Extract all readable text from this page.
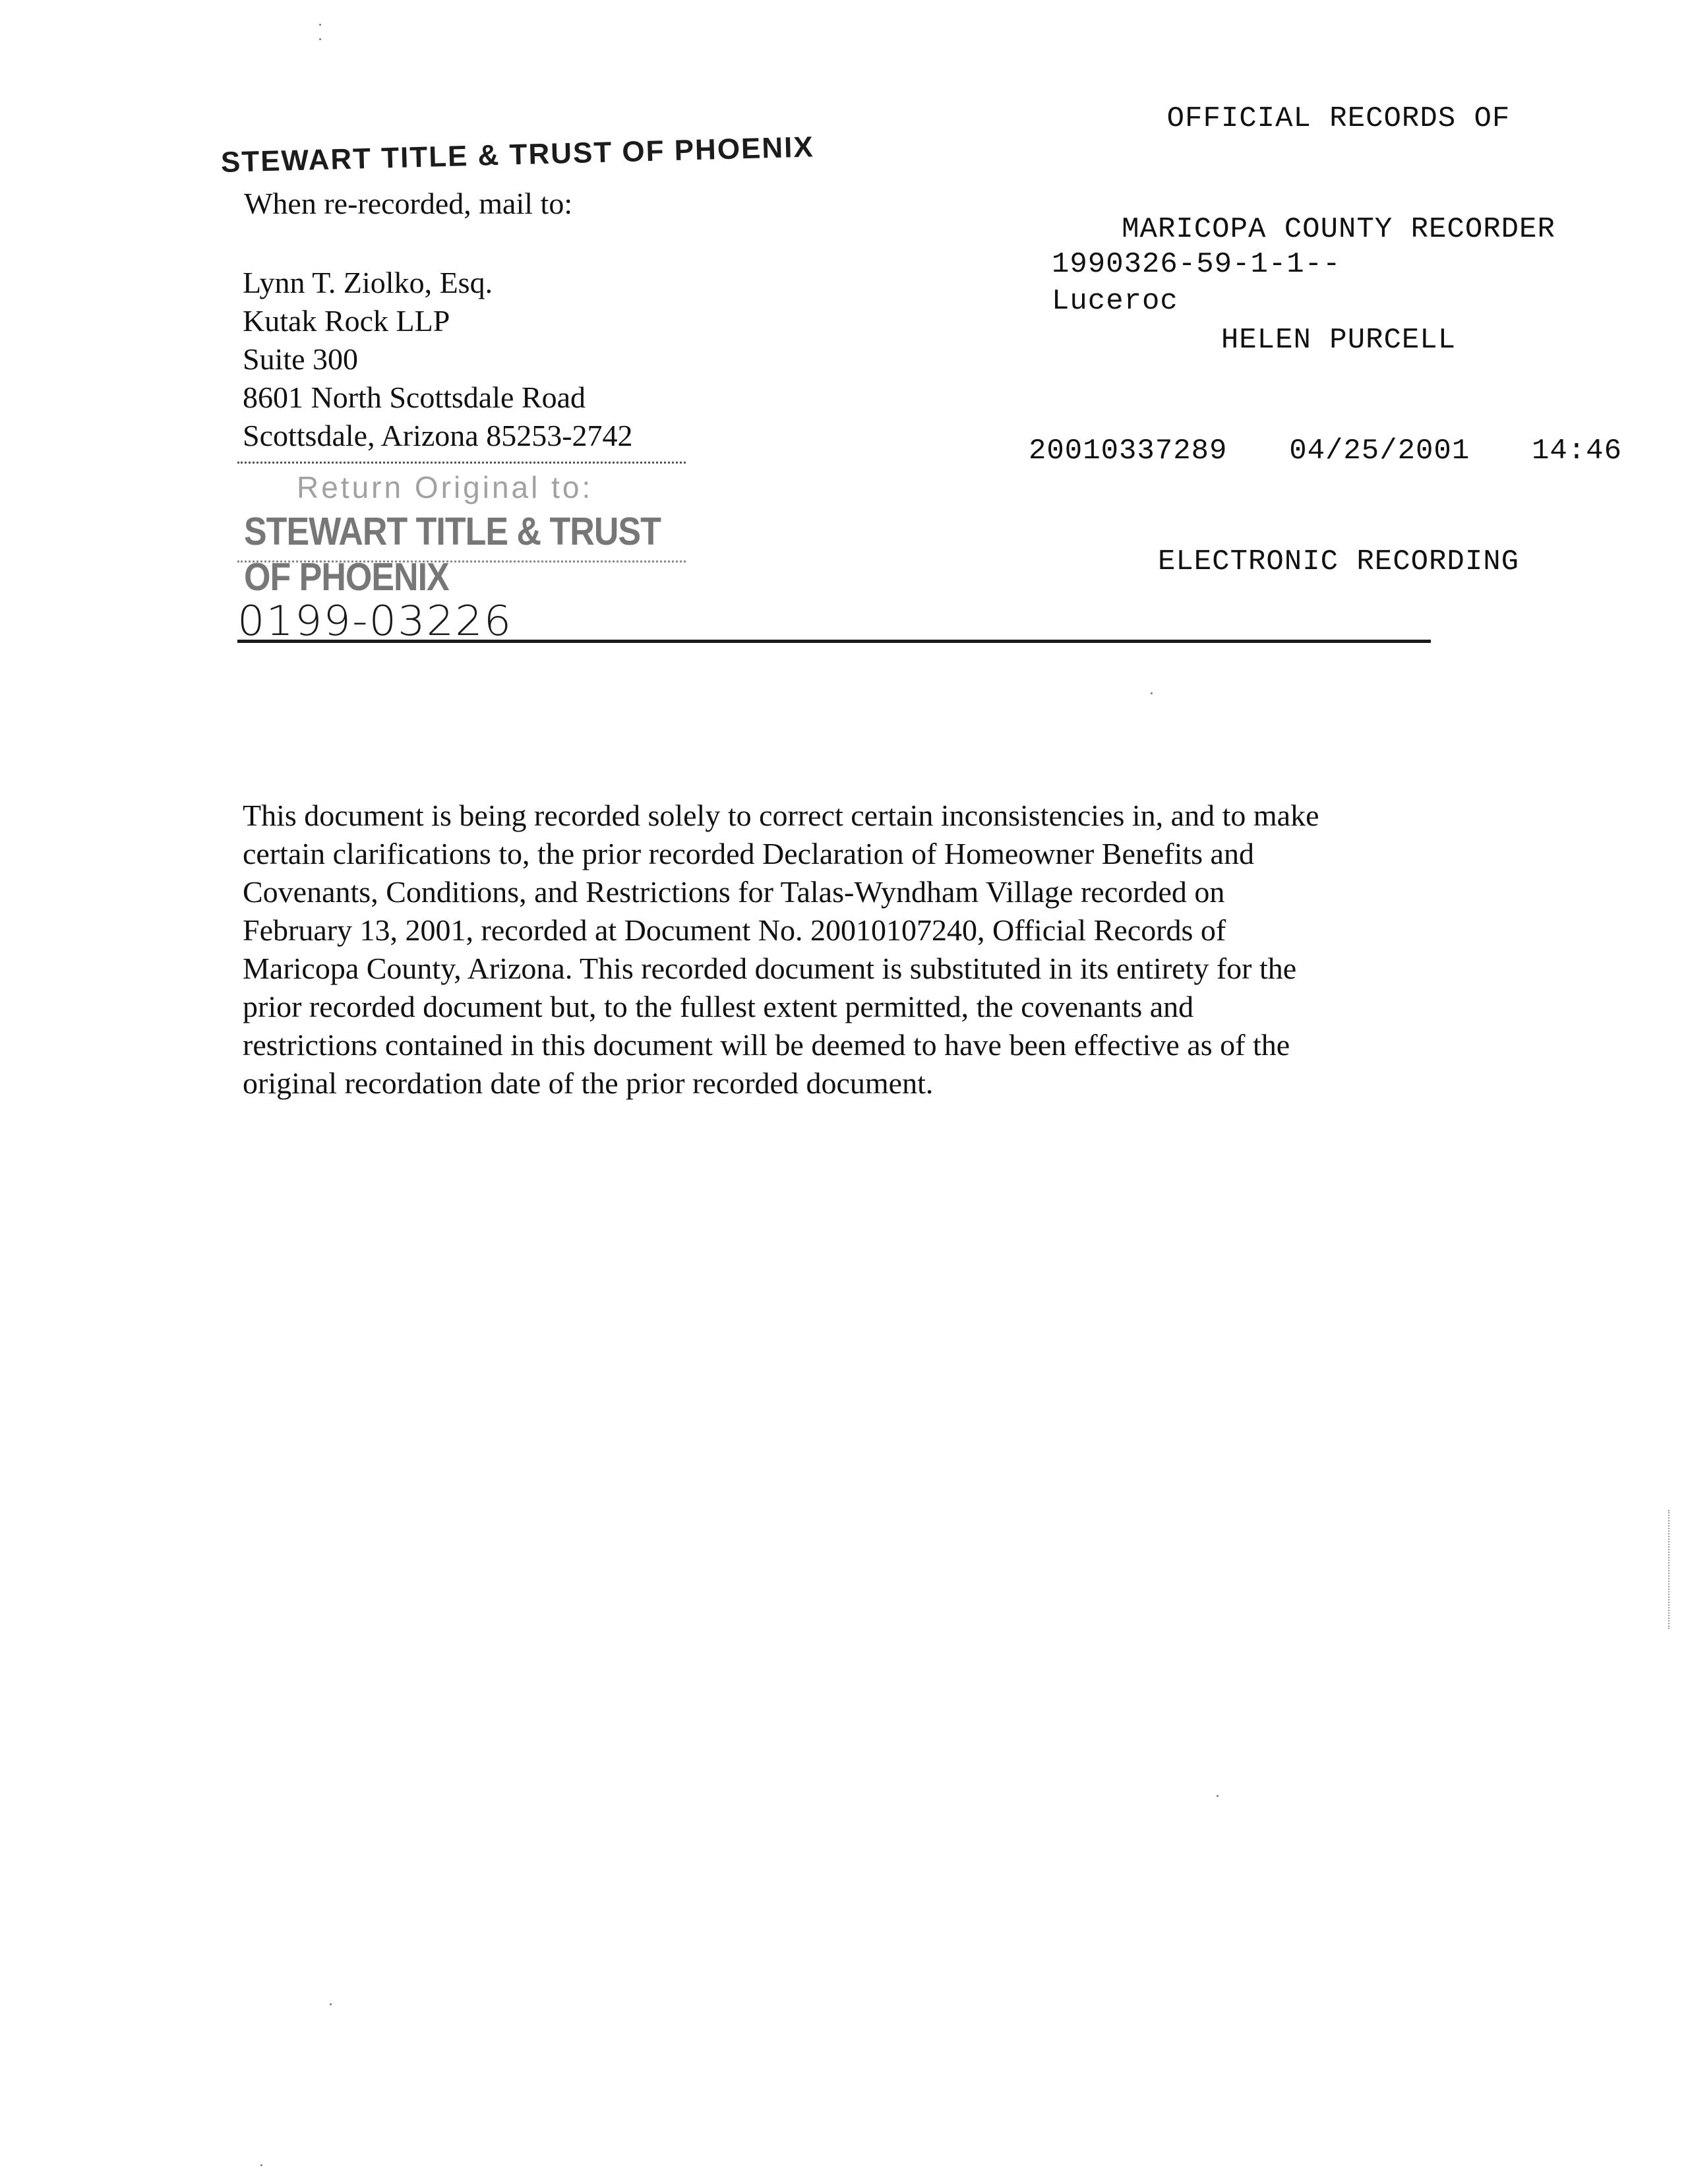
OFFICIAL RECORDS OF

MARICOPA COUNTY RECORDER

HELEN PURCELL

20010337289 04/25/2001 14:46

ELECTRONIC RECORDING

1990326-59-1-1--
Luceroc
STEWART TITLE & TRUST OF PHOENIX
When re-recorded, mail to:
Lynn T. Ziolko, Esq.
Kutak Rock LLP
Suite 300
8601 North Scottsdale Road
Scottsdale, Arizona 85253-2742
Return Original to:
STEWART TITLE & TRUST OF PHOENIX
0199-03226
This document is being recorded solely to correct certain inconsistencies in, and to make
certain clarifications to, the prior recorded Declaration of Homeowner Benefits and
Covenants, Conditions, and Restrictions for Talas-Wyndham Village recorded on
February 13, 2001, recorded at Document No. 20010107240, Official Records of
Maricopa County, Arizona. This recorded document is substituted in its entirety for the
prior recorded document but, to the fullest extent permitted, the covenants and
restrictions contained in this document will be deemed to have been effective as of the
original recordation date of the prior recorded document.
